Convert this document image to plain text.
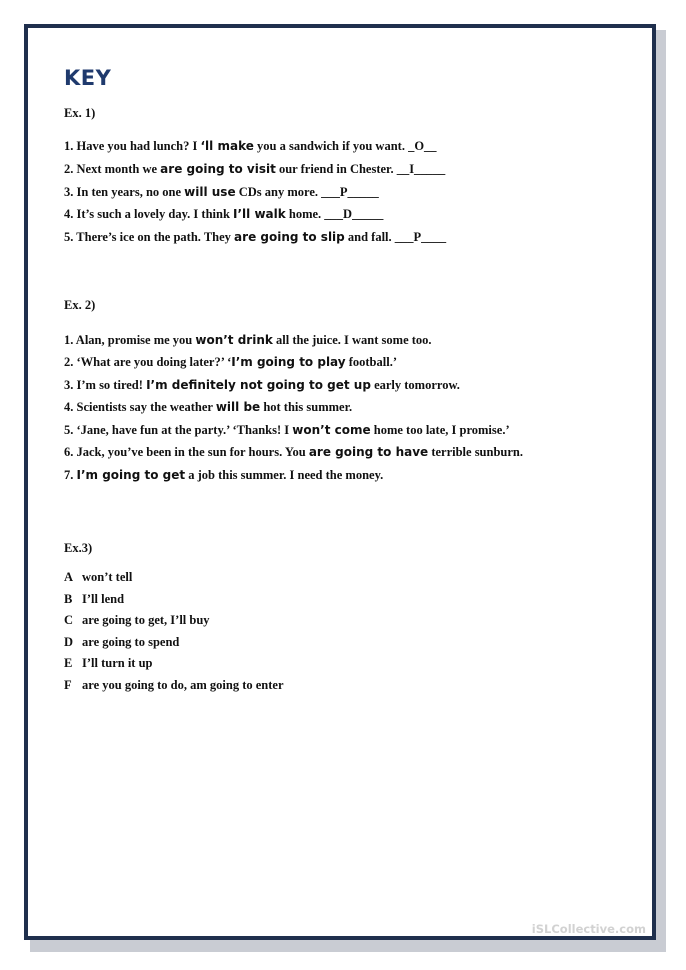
KEY
Ex. 1)
1. Have you had lunch? I ‘ll make you a sandwich if you want. _O__
2. Next month we are going to visit our friend in Chester. __I_____
3. In ten years, no one will use CDs any more. ___P_____
4. It’s such a lovely day. I think I’ll walk home. ___D_____
5. There’s ice on the path. They are going to slip and fall. ___P____
Ex. 2)
1. Alan, promise me you won’t drink all the juice. I want some too.
2. ‘What are you doing later?’ ‘I’m going to play football.’
3. I’m so tired! I’m definitely not going to get up early tomorrow.
4. Scientists say the weather will be hot this summer.
5. ‘Jane, have fun at the party.’ ‘Thanks! I won’t come home too late, I promise.’
6. Jack, you’ve been in the sun for hours. You are going to have terrible sunburn.
7. I’m going to get a job this summer. I need the money.
Ex.3)
A won’t tell
B I’ll lend
C are going to get, I’ll buy
D are going to spend
E I’ll turn it up
F are you going to do, am going to enter
iSLCollective.com
